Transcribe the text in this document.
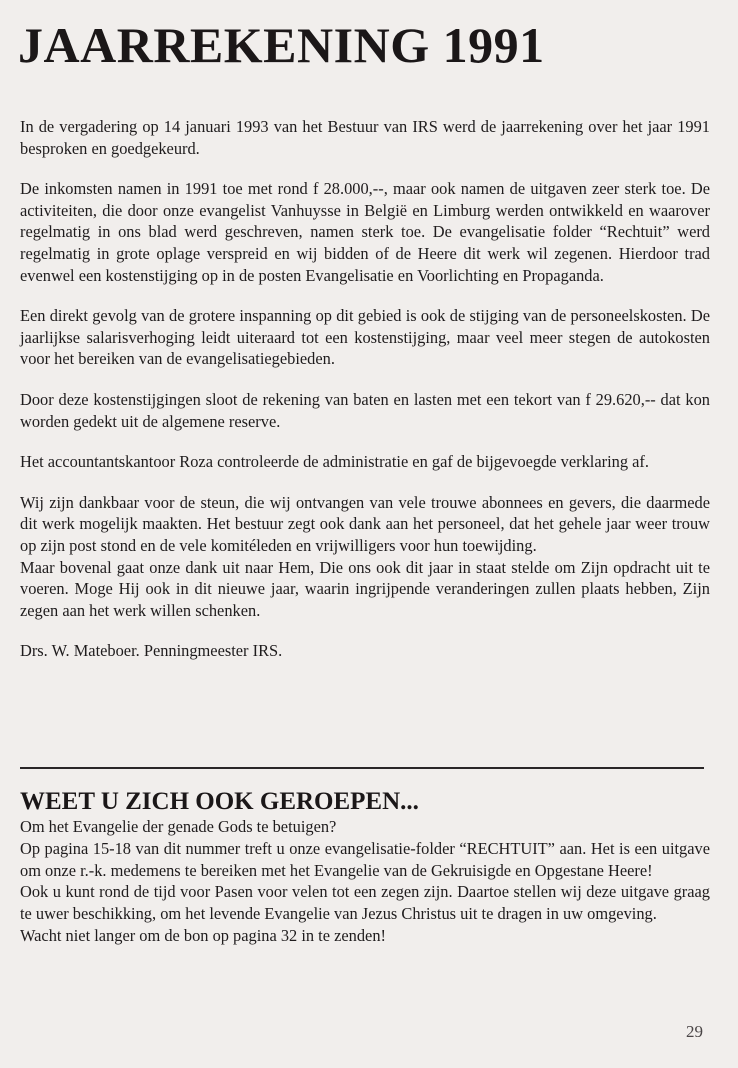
JAARREKENING 1991

In de vergadering op 14 januari 1993 van het Bestuur van IRS werd de jaarrekening over het jaar 1991 besproken en goedgekeurd.

De inkomsten namen in 1991 toe met rond f 28.000,--, maar ook namen de uitgaven zeer sterk toe. De activiteiten, die door onze evangelist Vanhuysse in België en Limburg werden ontwikkeld en waarover regelmatig in ons blad werd geschreven, namen sterk toe. De evangelisatie folder “Rechtuit” werd regelmatig in grote oplage verspreid en wij bidden of de Heere dit werk wil zegenen. Hierdoor trad evenwel een kostenstijging op in de posten Evangelisatie en Voorlichting en Propaganda.

Een direkt gevolg van de grotere inspanning op dit gebied is ook de stijging van de personeelskosten. De jaarlijkse salarisverhoging leidt uiteraard tot een kostenstijging, maar veel meer stegen de autokosten voor het bereiken van de evangelisatiegebieden.

Door deze kostenstijgingen sloot de rekening van baten en lasten met een tekort van f 29.620,-- dat kon worden gedekt uit de algemene reserve.

Het accountantskantoor Roza controleerde de administratie en gaf de bijgevoegde verklaring af.

Wij zijn dankbaar voor de steun, die wij ontvangen van vele trouwe abonnees en gevers, die daarmede dit werk mogelijk maakten. Het bestuur zegt ook dank aan het personeel, dat het gehele jaar weer trouw op zijn post stond en de vele komitéleden en vrijwilligers voor hun toewijding.

Maar bovenal gaat onze dank uit naar Hem, Die ons ook dit jaar in staat stelde om Zijn opdracht uit te voeren. Moge Hij ook in dit nieuwe jaar, waarin ingrijpende veranderingen zullen plaats hebben, Zijn zegen aan het werk willen schenken.

Drs. W. Mateboer. Penningmeester IRS.

WEET U ZICH OOK GEROEPEN...

Om het Evangelie der genade Gods te betuigen?

Op pagina 15-18 van dit nummer treft u onze evangelisatie-folder “RECHTUIT” aan. Het is een uitgave om onze r.-k. medemens te bereiken met het Evangelie van de Gekruisigde en Opgestane Heere!

Ook u kunt rond de tijd voor Pasen voor velen tot een zegen zijn. Daartoe stellen wij deze uitgave graag te uwer beschikking, om het levende Evangelie van Jezus Christus uit te dragen in uw omgeving.

Wacht niet langer om de bon op pagina 32 in te zenden!

29
